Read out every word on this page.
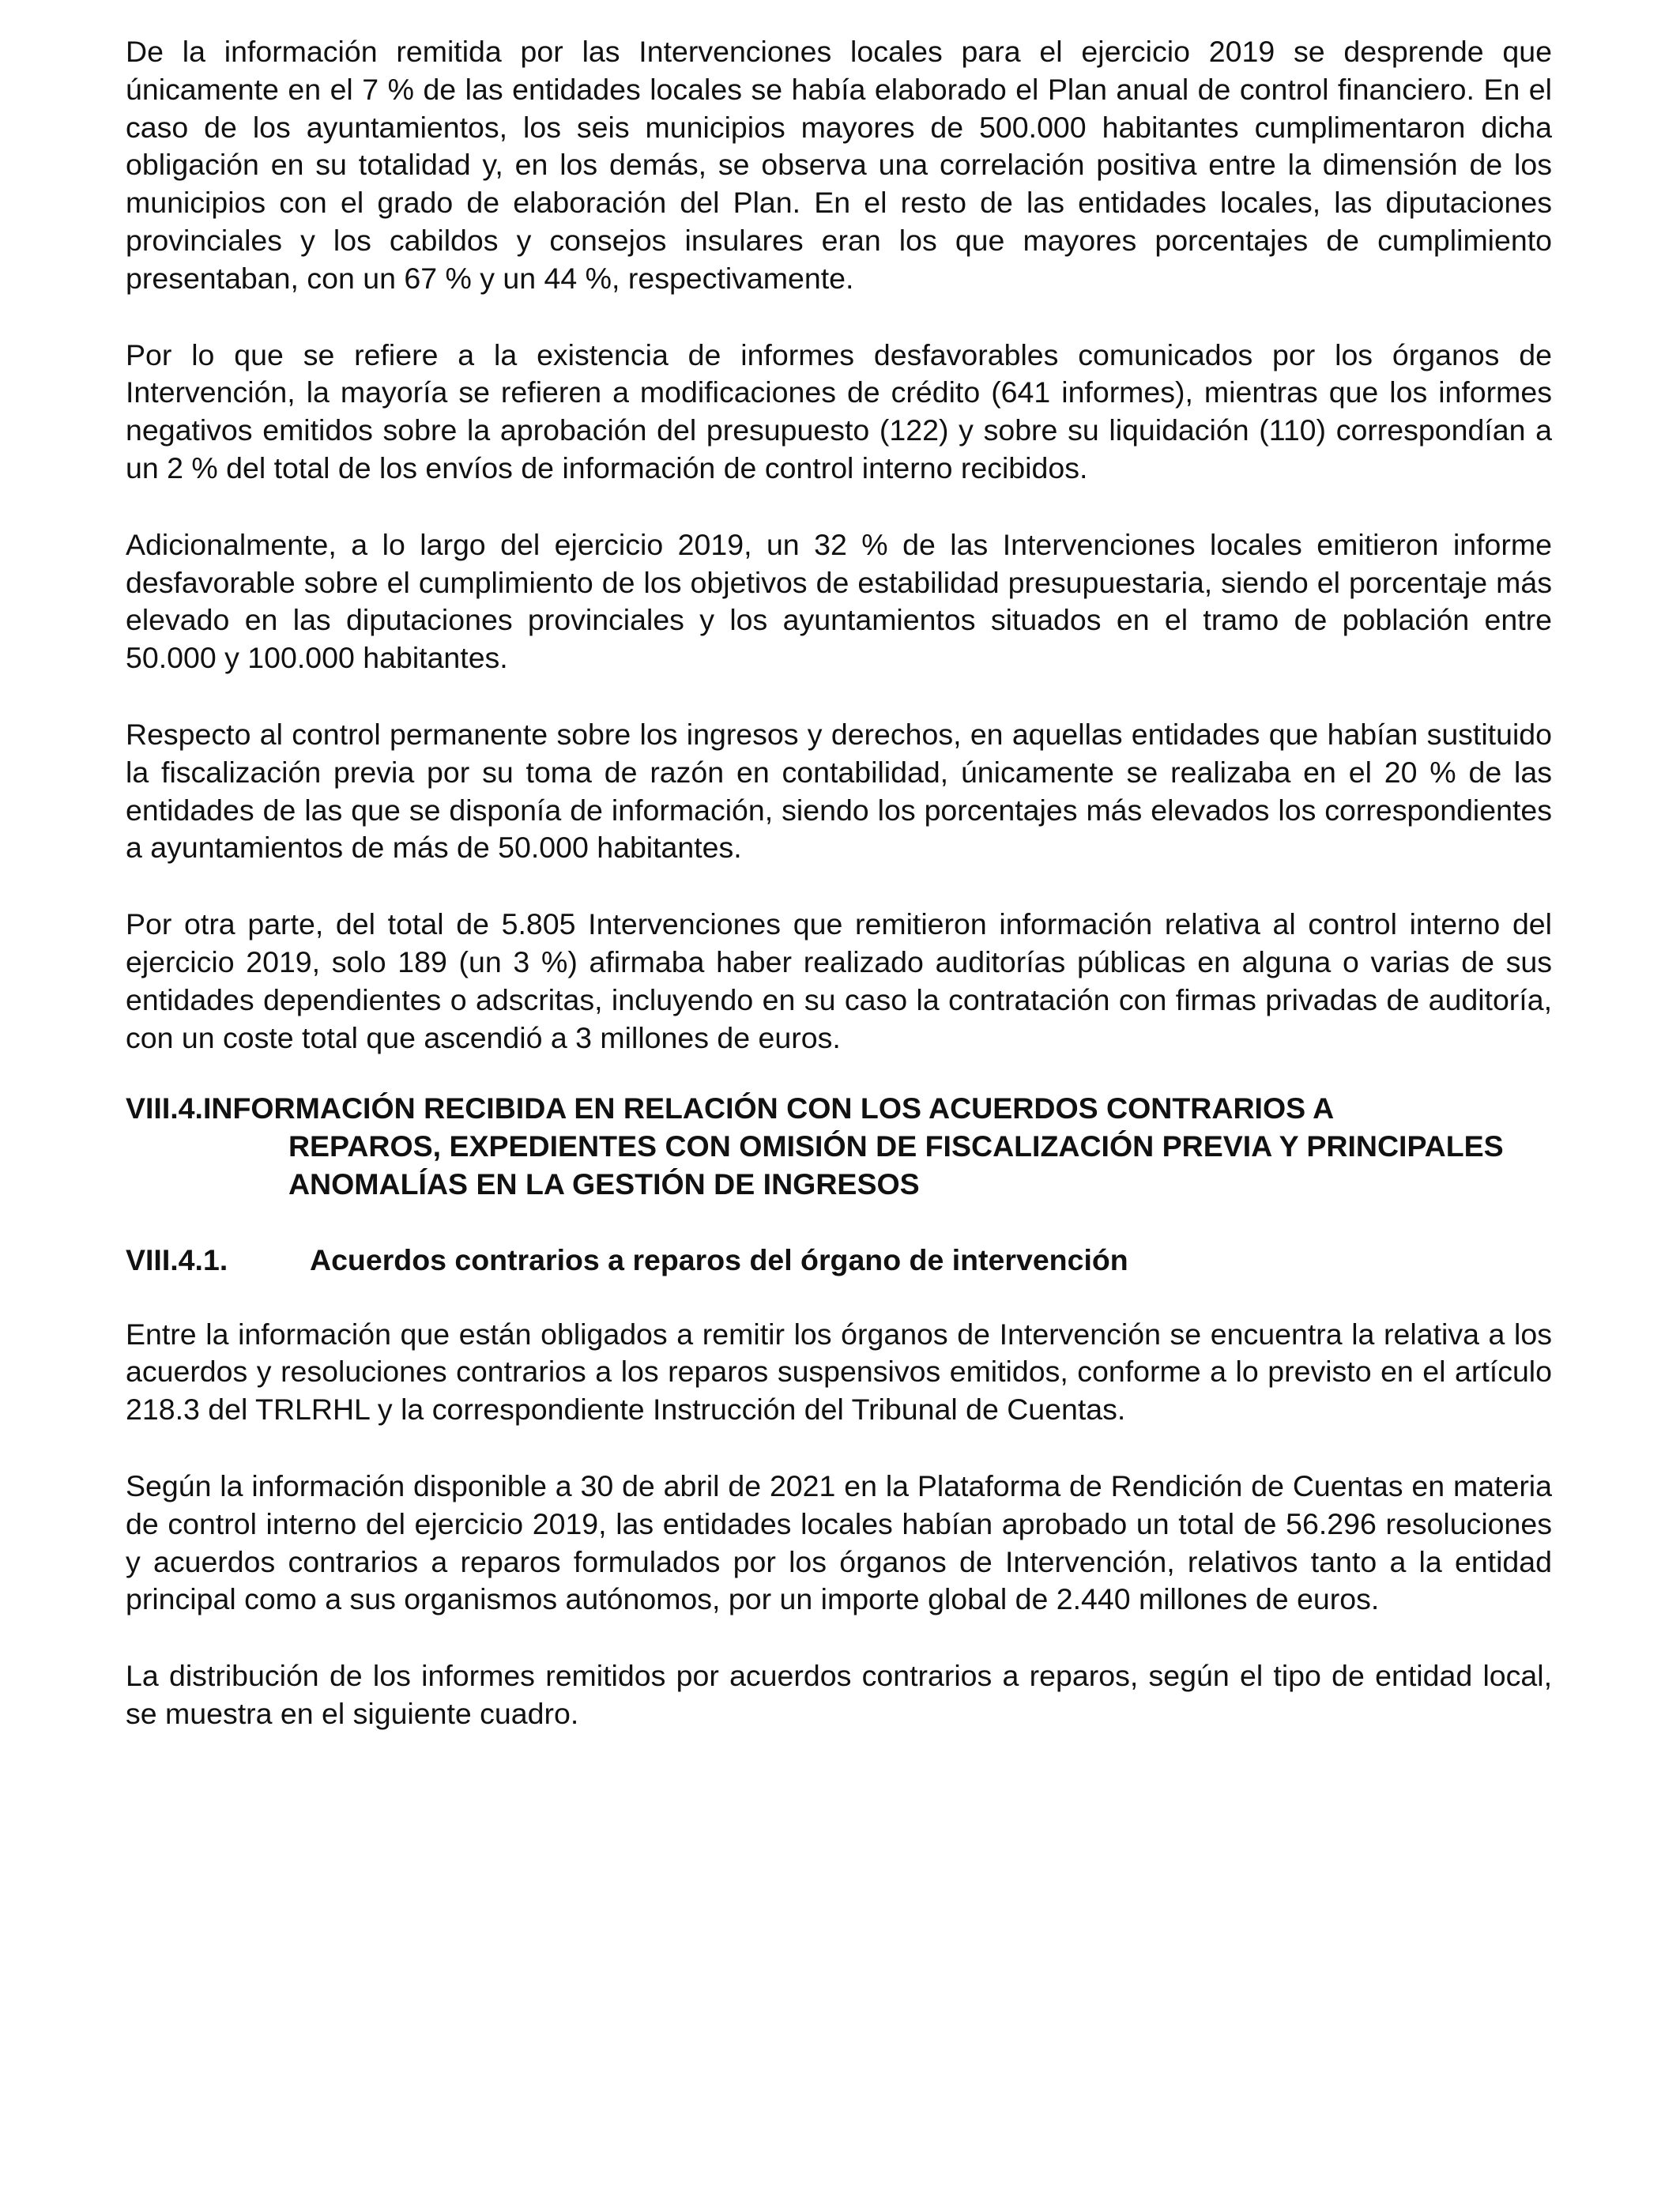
De la información remitida por las Intervenciones locales para el ejercicio 2019 se desprende que únicamente en el 7 % de las entidades locales se había elaborado el Plan anual de control financiero. En el caso de los ayuntamientos, los seis municipios mayores de 500.000 habitantes cumplimentaron dicha obligación en su totalidad y, en los demás, se observa una correlación positiva entre la dimensión de los municipios con el grado de elaboración del Plan. En el resto de las entidades locales, las diputaciones provinciales y los cabildos y consejos insulares eran los que mayores porcentajes de cumplimiento presentaban, con un 67 % y un 44 %, respectivamente.

Por lo que se refiere a la existencia de informes desfavorables comunicados por los órganos de Intervención, la mayoría se refieren a modificaciones de crédito (641 informes), mientras que los informes negativos emitidos sobre la aprobación del presupuesto (122) y sobre su liquidación (110) correspondían a un 2 % del total de los envíos de información de control interno recibidos.

Adicionalmente, a lo largo del ejercicio 2019, un 32 % de las Intervenciones locales emitieron informe desfavorable sobre el cumplimiento de los objetivos de estabilidad presupuestaria, siendo el porcentaje más elevado en las diputaciones provinciales y los ayuntamientos situados en el tramo de población entre 50.000 y 100.000 habitantes.

Respecto al control permanente sobre los ingresos y derechos, en aquellas entidades que habían sustituido la fiscalización previa por su toma de razón en contabilidad, únicamente se realizaba en el 20 % de las entidades de las que se disponía de información, siendo los porcentajes más elevados los correspondientes a ayuntamientos de más de 50.000 habitantes.

Por otra parte, del total de 5.805 Intervenciones que remitieron información relativa al control interno del ejercicio 2019, solo 189 (un 3 %) afirmaba haber realizado auditorías públicas en alguna o varias de sus entidades dependientes o adscritas, incluyendo en su caso la contratación con firmas privadas de auditoría, con un coste total que ascendió a 3 millones de euros.

VIII.4. INFORMACIÓN RECIBIDA EN RELACIÓN CON LOS ACUERDOS CONTRARIOS A
REPAROS, EXPEDIENTES CON OMISIÓN DE FISCALIZACIÓN PREVIA Y PRINCIPALES ANOMALÍAS EN LA GESTIÓN DE INGRESOS
VIII.4.1.	Acuerdos contrarios a reparos del órgano de intervención

Entre la información que están obligados a remitir los órganos de Intervención se encuentra la relativa a los acuerdos y resoluciones contrarios a los reparos suspensivos emitidos, conforme a lo previsto en el artículo 218.3 del TRLRHL y la correspondiente Instrucción del Tribunal de Cuentas.

Según la información disponible a 30 de abril de 2021 en la Plataforma de Rendición de Cuentas en materia de control interno del ejercicio 2019, las entidades locales habían aprobado un total de 56.296 resoluciones y acuerdos contrarios a reparos formulados por los órganos de Intervención, relativos tanto a la entidad principal como a sus organismos autónomos, por un importe global de 2.440 millones de euros.

La distribución de los informes remitidos por acuerdos contrarios a reparos, según el tipo de entidad local, se muestra en el siguiente cuadro.
